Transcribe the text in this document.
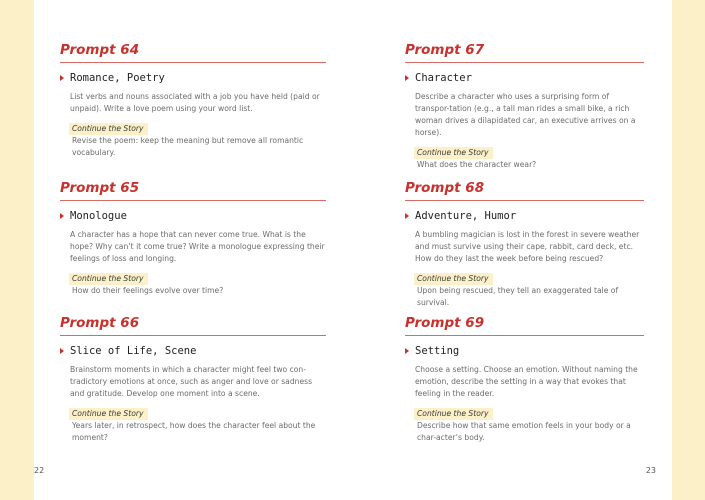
Prompt 64
Romance, Poetry
List verbs and nouns associated with a job you have held (paid or unpaid). Write a love poem using your word list.
Continue the Story
Revise the poem: keep the meaning but remove all romantic vocabulary.
Prompt 65
Monologue
A character has a hope that can never come true. What is the hope? Why can’t it come true? Write a monologue expressing their feelings of loss and longing.
Continue the Story
How do their feelings evolve over time?
Prompt 66
Slice of Life, Scene
Brainstorm moments in which a character might feel two con-tradictory emotions at once, such as anger and love or sadness and gratitude. Develop one moment into a scene.
Continue the Story
Years later, in retrospect, how does the character feel about the moment?
22
Prompt 67
Character
Describe a character who uses a surprising form of transpor-tation (e.g., a tall man rides a small bike, a rich woman drives a dilapidated car, an executive arrives on a horse).
Continue the Story
What does the character wear?
Prompt 68
Adventure, Humor
A bumbling magician is lost in the forest in severe weather and must survive using their cape, rabbit, card deck, etc. How do they last the week before being rescued?
Continue the Story
Upon being rescued, they tell an exaggerated tale of survival.
Prompt 69
Setting
Choose a setting. Choose an emotion. Without naming the emotion, describe the setting in a way that evokes that feeling in the reader.
Continue the Story
Describe how that same emotion feels in your body or a char-acter’s body.
23
